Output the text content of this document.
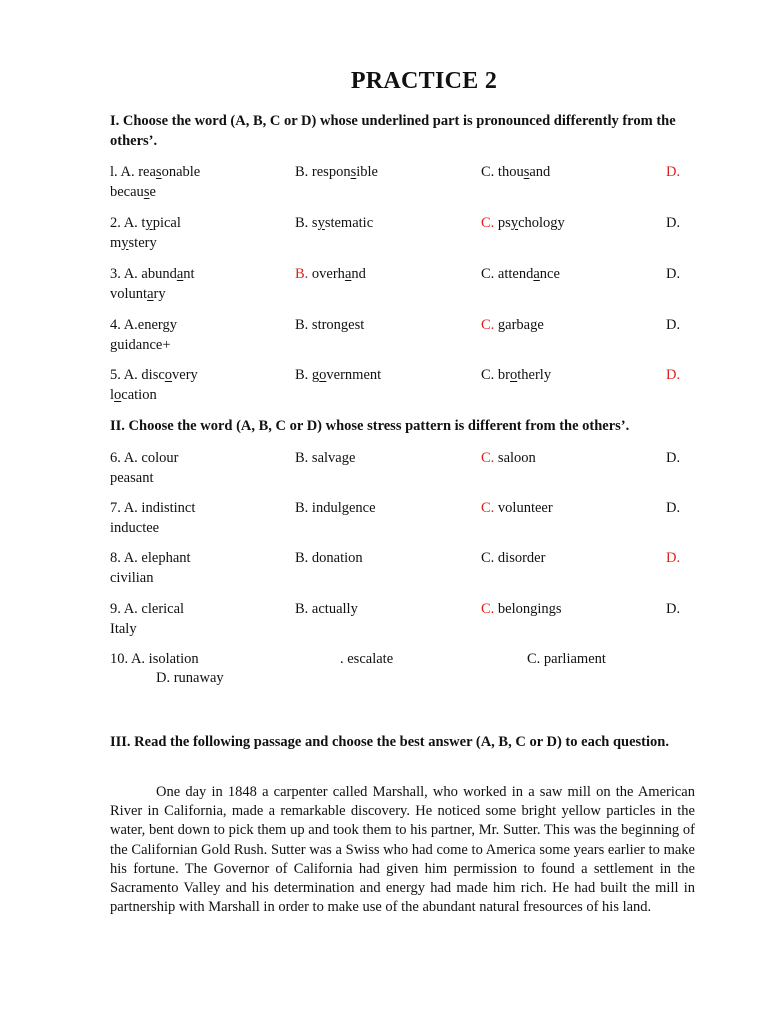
PRACTICE 2
I. Choose the word (A, B, C or D) whose underlined part is pronounced differently from the others’.
l. A. reasonable	B. responsible	C. thousand	D.
because
2. A. typical	B. systematic	C. psychology	D.
mystery
3. A. abundant	B. overhand	C. attendance	D.
voluntary
4. A.energy	B. strongest	C. garbage	D.
guidance+
5. A. discovery	B. government	C. brotherly	D.
location
II. Choose the word (A, B, C or D) whose stress pattern is different from the others’.
6. A. colour	B. salvage	C. saloon	D.
peasant
7. A. indistinct	B. indulgence	C. volunteer	D.
inductee
8. A. elephant	B. donation	C. disorder	D.
civilian
9. A. clerical	B. actually	C. belongings	D.
Italy
10. A. isolation	. escalate	C. parliament
D. runaway
III. Read the following passage and choose the best answer (A, B, C or D) to each question.
One day in 1848 a carpenter called Marshall, who worked in a saw mill on the American River in California, made a remarkable discovery. He noticed some bright yellow particles in the water, bent down to pick them up and took them to his partner, Mr. Sutter. This was the beginning of the Californian Gold Rush. Sutter was a Swiss who had come to America some years earlier to make his fortune. The Governor of California had given him permission to found a settlement in the Sacramento Valley and his determination and energy had made him rich. He had built the mill in partnership with Marshall in order to make use of the abundant natural fresources of his land.
